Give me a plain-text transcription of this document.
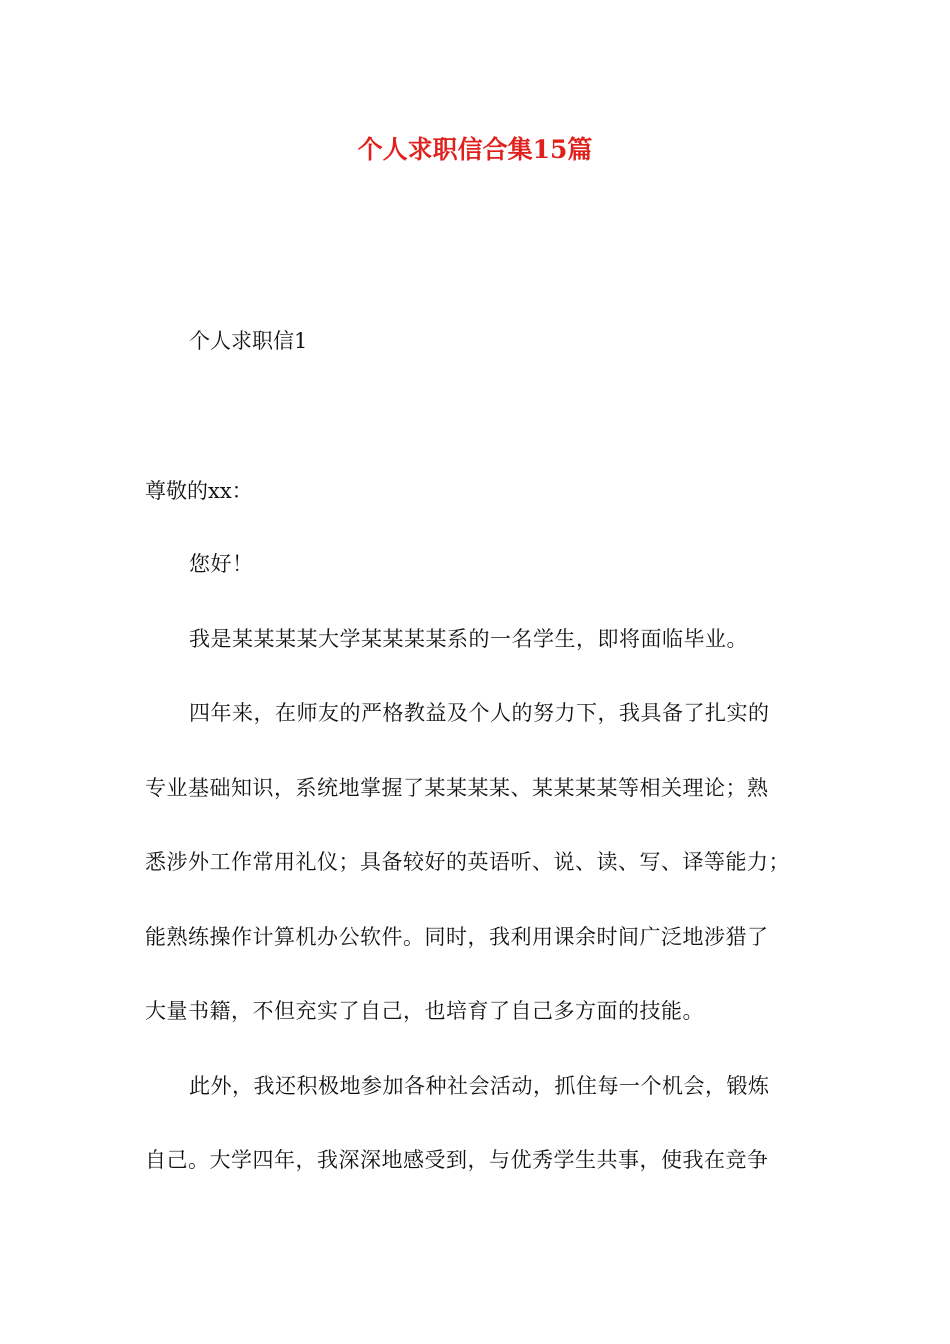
个人求职信合集15篇

个人求职信1

尊敬的xx：

您好！
我是某某某某大学某某某某系的一名学生，即将面临毕业。
四年来，在师友的严格教益及个人的努力下，我具备了扎实的
专业基础知识，系统地掌握了某某某某、某某某某等相关理论；熟
悉涉外工作常用礼仪；具备较好的英语听、说、读、写、译等能力；
能熟练操作计算机办公软件。同时，我利用课余时间广泛地涉猎了
大量书籍，不但充实了自己，也培育了自己多方面的技能。
此外，我还积极地参加各种社会活动，抓住每一个机会，锻炼
自己。大学四年，我深深地感受到，与优秀学生共事，使我在竞争
